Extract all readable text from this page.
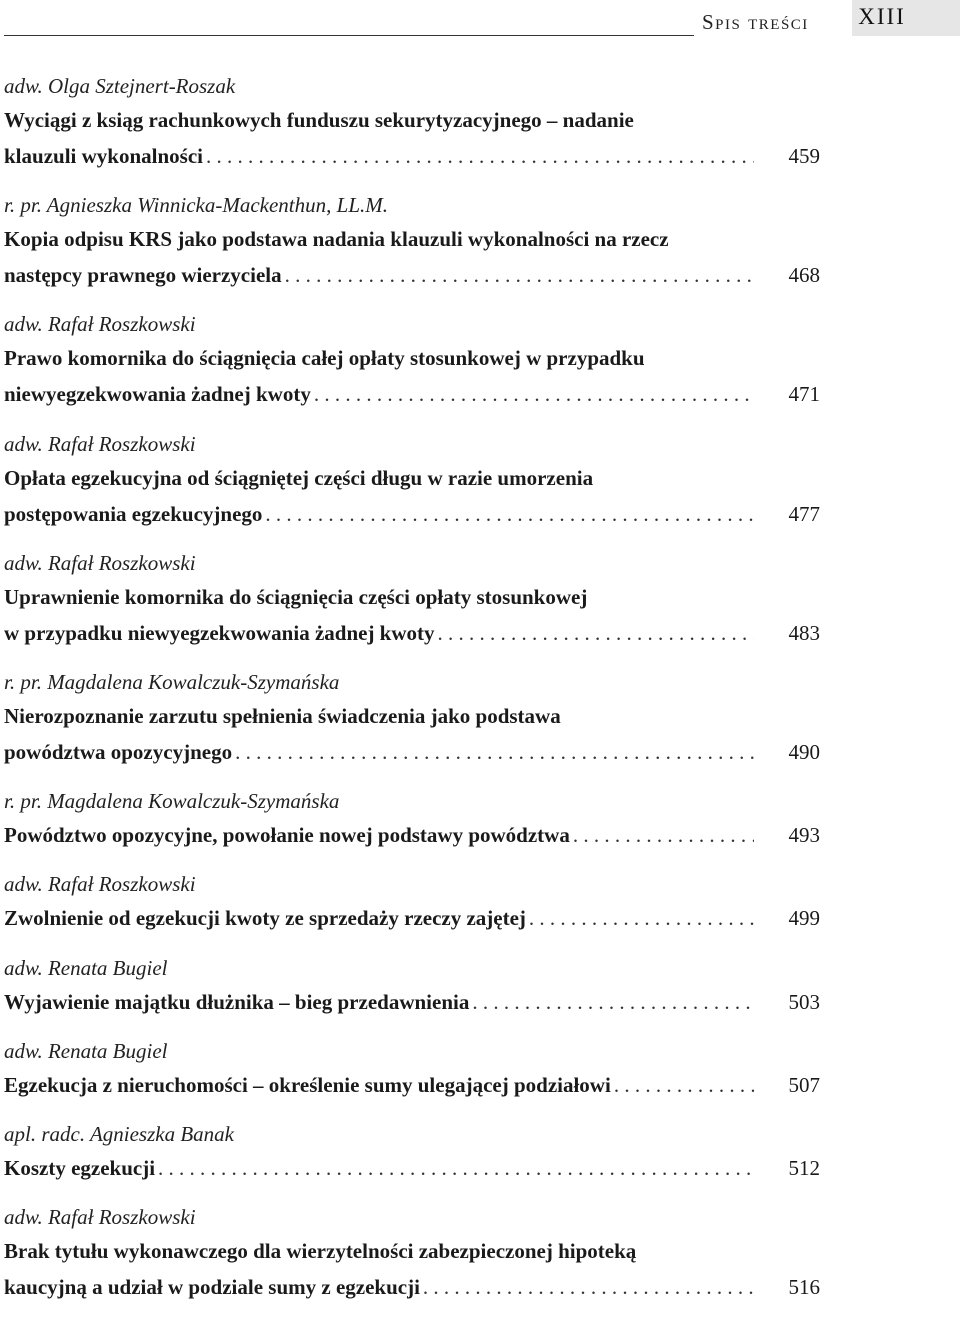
Spis treści XIII
adw. Olga Sztejnert-Roszak
Wyciągi z ksiąg rachunkowych funduszu sekurytyzacyjnego – nadanie
klauzuli wykonalności . . .	459
r. pr. Agnieszka Winnicka-Mackenthun, LL.M.
Kopia odpisu KRS jako podstawa nadania klauzuli wykonalności na rzecz
następcy prawnego wierzyciela . . .	468
adw. Rafał Roszkowski
Prawo komornika do ściągnięcia całej opłaty stosunkowej w przypadku
niewyegzekwowania żadnej kwoty . . .	471
adw. Rafał Roszkowski
Opłata egzekucyjna od ściągniętej części długu w razie umorzenia
postępowania egzekucyjnego . . .	477
adw. Rafał Roszkowski
Uprawnienie komornika do ściągnięcia części opłaty stosunkowej
w przypadku niewyegzekwowania żadnej kwoty . . .	483
r. pr. Magdalena Kowalczuk-Szymańska
Nierozpoznanie zarzutu spełnienia świadczenia jako podstawa
powództwa opozycyjnego . . .	490
r. pr. Magdalena Kowalczuk-Szymańska
Powództwo opozycyjne, powołanie nowej podstawy powództwa . . .	493
adw. Rafał Roszkowski
Zwolnienie od egzekucji kwoty ze sprzedaży rzeczy zajętej . . .	499
adw. Renata Bugiel
Wyjawienie majątku dłużnika – bieg przedawnienia . . .	503
adw. Renata Bugiel
Egzekucja z nieruchomości – określenie sumy ulegającej podziałowi . . .	507
apl. radc. Agnieszka Banak
Koszty egzekucji . . .	512
adw. Rafał Roszkowski
Brak tytułu wykonawczego dla wierzytelności zabezpieczonej hipoteką
kaucyjną a udział w podziale sumy z egzekucji . . .	516
